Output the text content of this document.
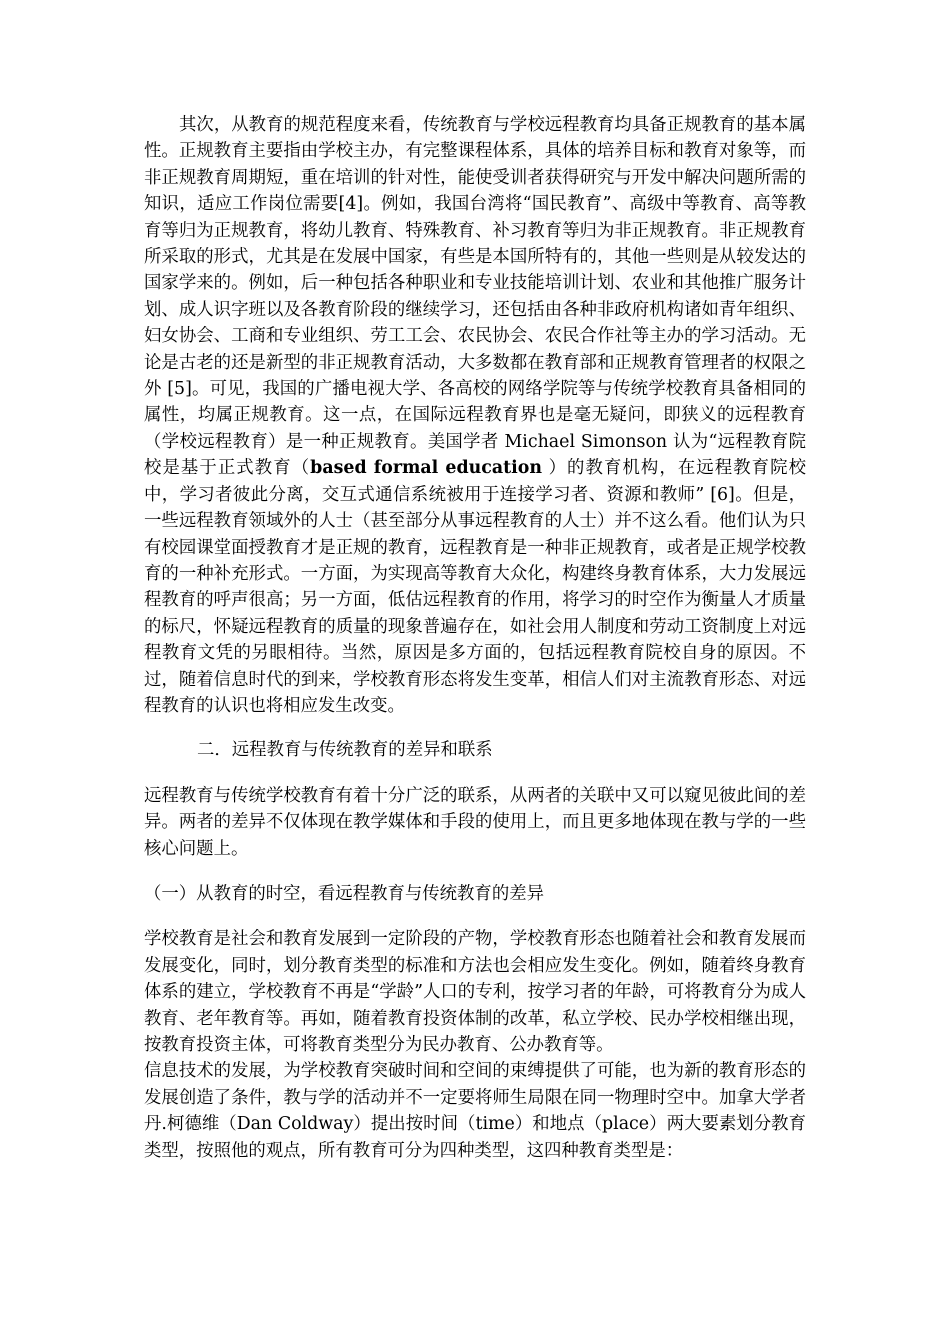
其次，从教育的规范程度来看，传统教育与学校远程教育均具备正规教育的基本属性。正规教育主要指由学校主办，有完整课程体系，具体的培养目标和教育对象等，而非正规教育周期短，重在培训的针对性，能使受训者获得研究与开发中解决问题所需的知识，适应工作岗位需要[4]。例如，我国台湾将“国民教育”、高级中等教育、高等教育等归为正规教育，将幼儿教育、特殊教育、补习教育等归为非正规教育。非正规教育所采取的形式，尤其是在发展中国家，有些是本国所特有的，其他一些则是从较发达的国家学来的。例如，后一种包括各种职业和专业技能培训计划、农业和其他推广服务计划、成人识字班以及各教育阶段的继续学习，还包括由各种非政府机构诸如青年组织、妇女协会、工商和专业组织、劳工工会、农民协会、农民合作社等主办的学习活动。无论是古老的还是新型的非正规教育活动，大多数都在教育部和正规教育管理者的权限之外 [5]。可见，我国的广播电视大学、各高校的网络学院等与传统学校教育具备相同的属性，均属正规教育。这一点，在国际远程教育界也是毫无疑问，即狭义的远程教育（学校远程教育）是一种正规教育。美国学者 Michael Simonson 认为“远程教育院校是基于正式教育（based formal education ）的教育机构，在远程教育院校中，学习者彼此分离，交互式通信系统被用于连接学习者、资源和教师” [6]。但是，一些远程教育领域外的人士（甚至部分从事远程教育的人士）并不这么看。他们认为只有校园课堂面授教育才是正规的教育，远程教育是一种非正规教育，或者是正规学校教育的一种补充形式。一方面，为实现高等教育大众化，构建终身教育体系，大力发展远程教育的呼声很高；另一方面，低估远程教育的作用，将学习的时空作为衡量人才质量的标尺，怀疑远程教育的质量的现象普遍存在，如社会用人制度和劳动工资制度上对远程教育文凭的另眼相待。当然，原因是多方面的，包括远程教育院校自身的原因。不过，随着信息时代的到来，学校教育形态将发生变革，相信人们对主流教育形态、对远程教育的认识也将相应发生改变。

二．远程教育与传统教育的差异和联系

远程教育与传统学校教育有着十分广泛的联系，从两者的关联中又可以窥见彼此间的差异。两者的差异不仅体现在教学媒体和手段的使用上，而且更多地体现在教与学的一些核心问题上。

（一）从教育的时空，看远程教育与传统教育的差异

学校教育是社会和教育发展到一定阶段的产物，学校教育形态也随着社会和教育发展而发展变化，同时，划分教育类型的标准和方法也会相应发生变化。例如，随着终身教育体系的建立，学校教育不再是“学龄”人口的专利，按学习者的年龄，可将教育分为成人教育、老年教育等。再如，随着教育投资体制的改革，私立学校、民办学校相继出现，按教育投资主体，可将教育类型分为民办教育、公办教育等。

信息技术的发展，为学校教育突破时间和空间的束缚提供了可能，也为新的教育形态的发展创造了条件，教与学的活动并不一定要将师生局限在同一物理时空中。加拿大学者丹.柯德维（Dan Coldway）提出按时间（time）和地点（place）两大要素划分教育类型，按照他的观点，所有教育可分为四种类型，这四种教育类型是：
